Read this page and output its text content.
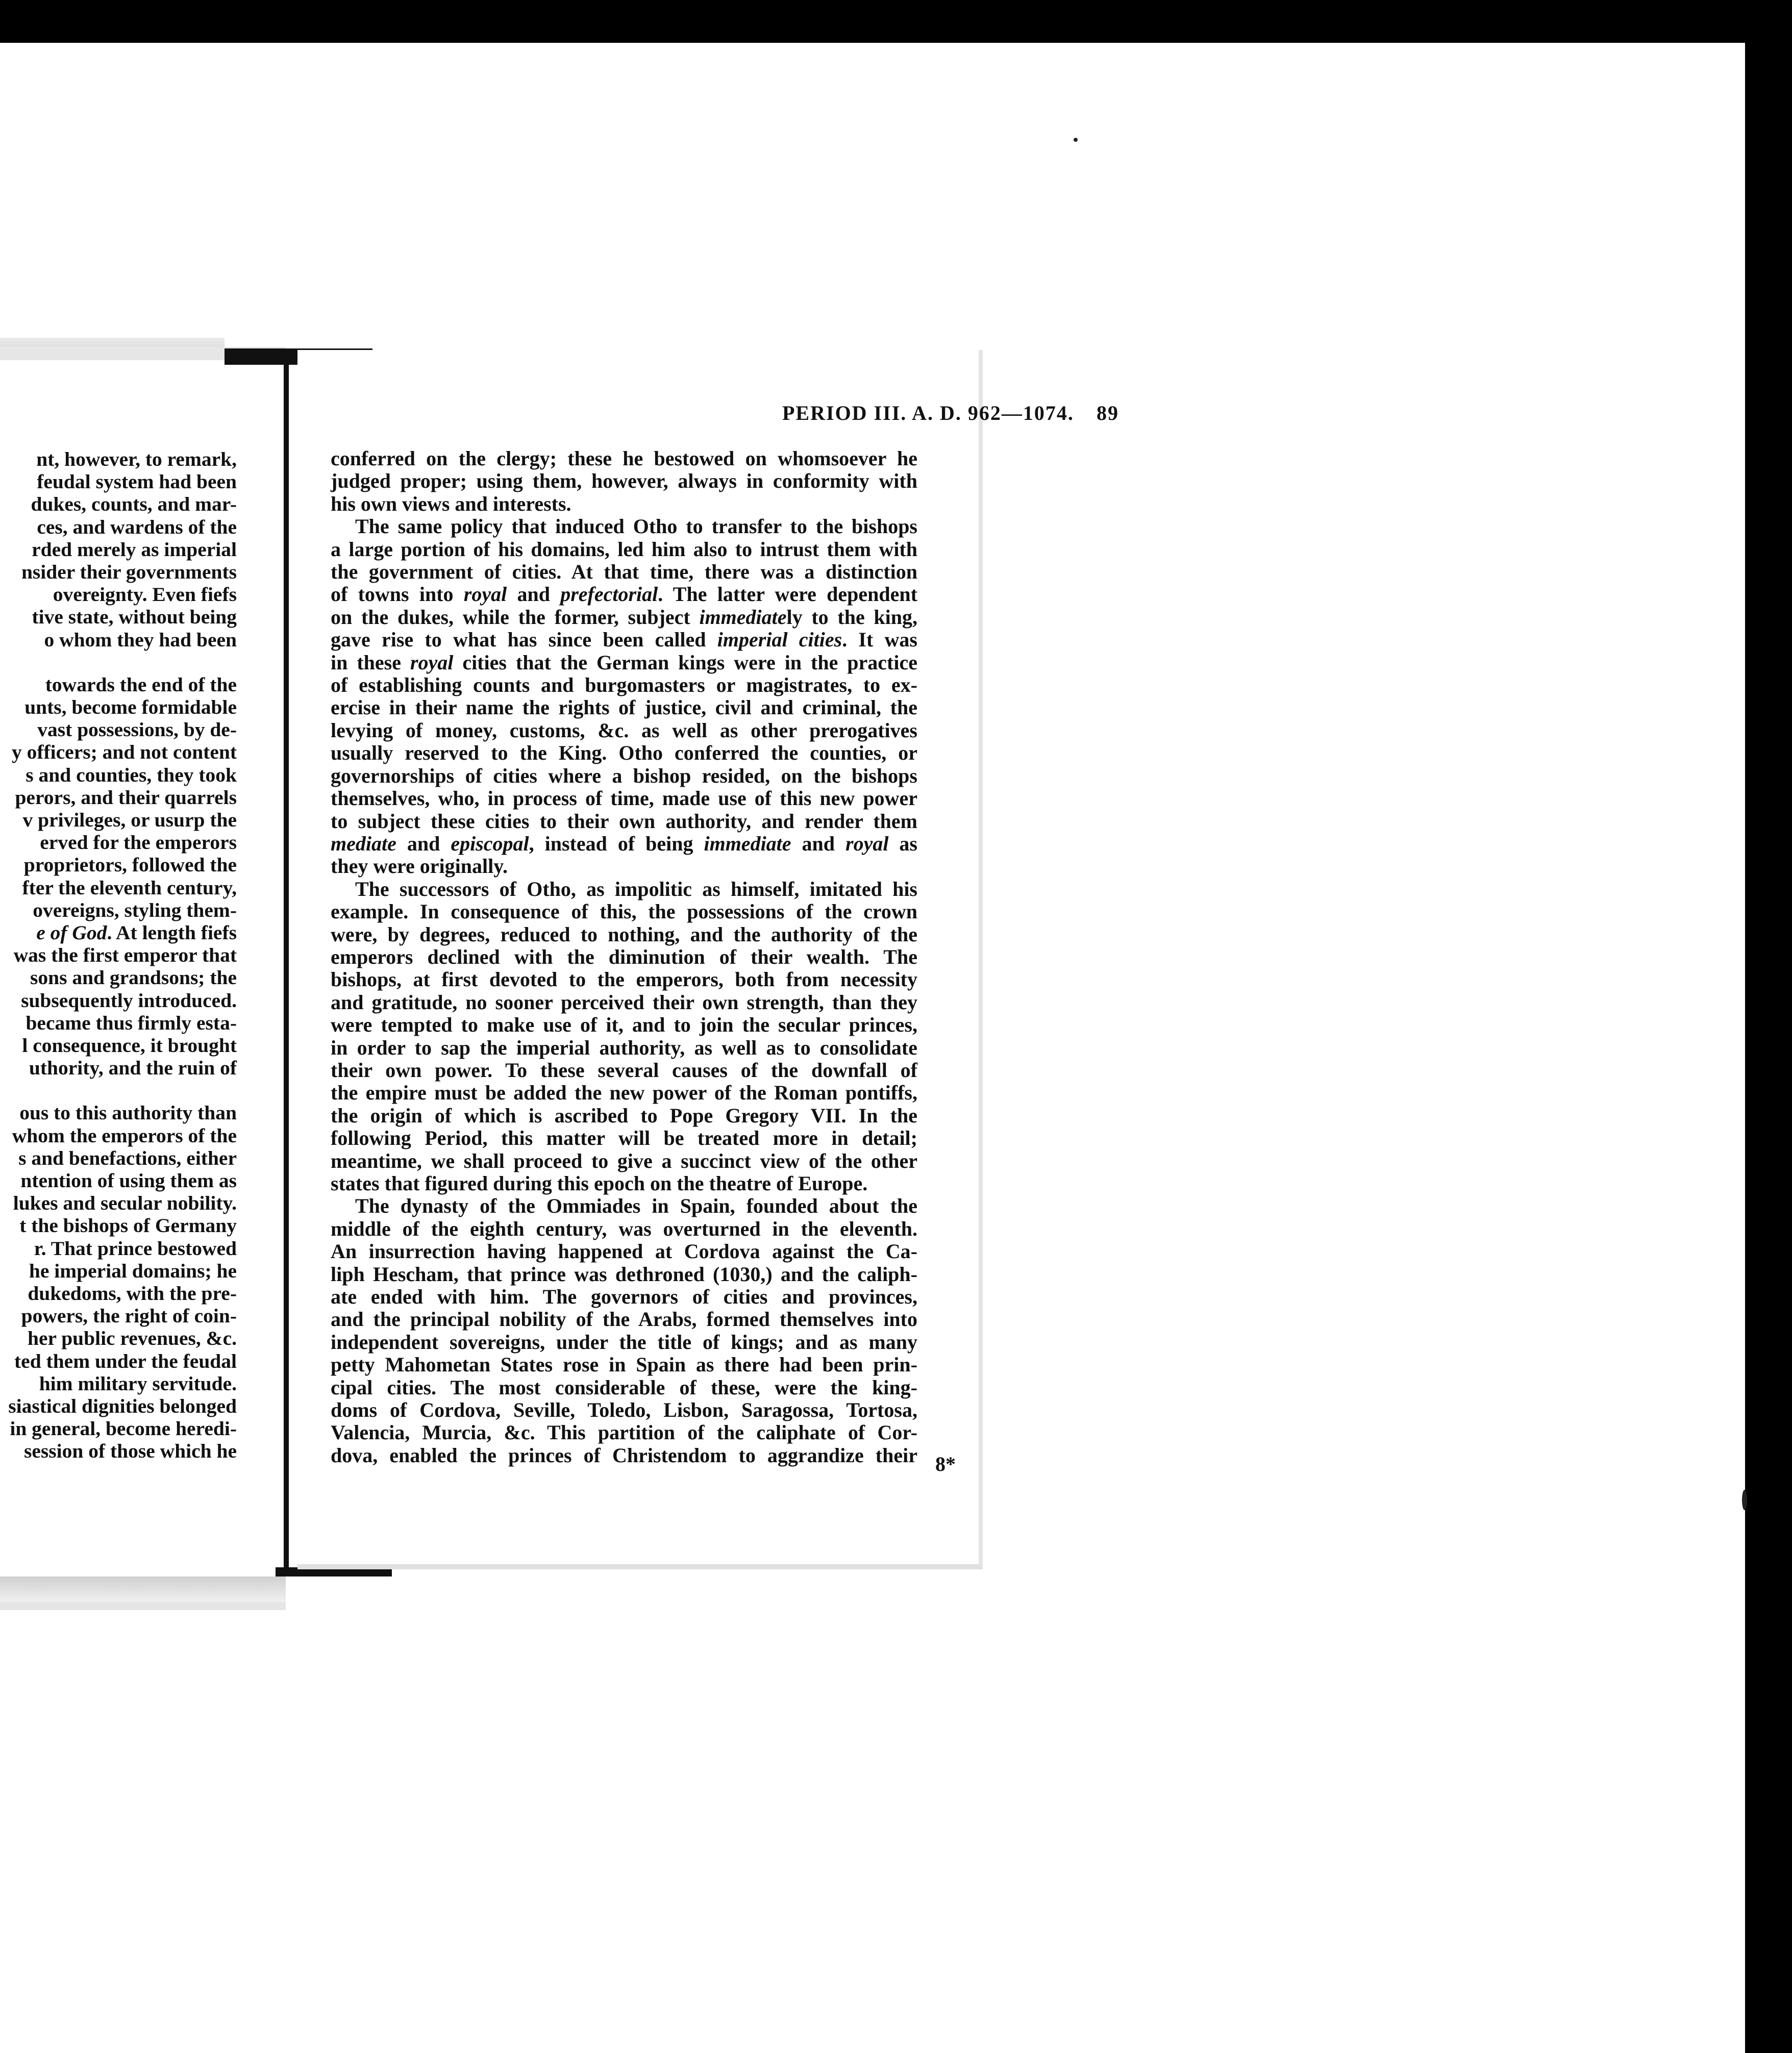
nt, however, to remark,
feudal system had been
dukes, counts, and mar-
ces, and wardens of the
rded merely as imperial
nsider their governments
overeignty. Even fiefs
tive state, without being
o whom they had been
towards the end of the
unts, become formidable
vast possessions, by de-
y officers; and not content
s and counties, they took
perors, and their quarrels
v privileges, or usurp the
erved for the emperors
proprietors, followed the
fter the eleventh century,
overeigns, styling them-
e of God. At length fiefs
was the first emperor that
sons and grandsons; the
subsequently introduced.
became thus firmly esta-
l consequence, it brought
uthority, and the ruin of
ous to this authority than
whom the emperors of the
s and benefactions, either
ntention of using them as
lukes and secular nobility.
t the bishops of Germany
r. That prince bestowed
he imperial domains; he
dukedoms, with the pre-
powers, the right of coin-
her public revenues, &c.
ted them under the feudal
him military servitude.
siastical dignities belonged
in general, become heredi-
session of those which he
PERIOD III. A. D. 962—1074. 89
conferred on the clergy; these he bestowed on whomsoever he
judged proper; using them, however, always in conformity with
his own views and interests.
The same policy that induced Otho to transfer to the bishops
a large portion of his domains, led him also to intrust them with
the government of cities. At that time, there was a distinction
of towns into royal and prefectorial. The latter were dependent
on the dukes, while the former, subject immediately to the king,
gave rise to what has since been called imperial cities. It was
in these royal cities that the German kings were in the practice
of establishing counts and burgomasters or magistrates, to ex-
ercise in their name the rights of justice, civil and criminal, the
levying of money, customs, &c. as well as other prerogatives
usually reserved to the King. Otho conferred the counties, or
governorships of cities where a bishop resided, on the bishops
themselves, who, in process of time, made use of this new power
to subject these cities to their own authority, and render them
mediate and episcopal, instead of being immediate and royal as
they were originally.
The successors of Otho, as impolitic as himself, imitated his
example. In consequence of this, the possessions of the crown
were, by degrees, reduced to nothing, and the authority of the
emperors declined with the diminution of their wealth. The
bishops, at first devoted to the emperors, both from necessity
and gratitude, no sooner perceived their own strength, than they
were tempted to make use of it, and to join the secular princes,
in order to sap the imperial authority, as well as to consolidate
their own power. To these several causes of the downfall of
the empire must be added the new power of the Roman pontiffs,
the origin of which is ascribed to Pope Gregory VII. In the
following Period, this matter will be treated more in detail;
meantime, we shall proceed to give a succinct view of the other
states that figured during this epoch on the theatre of Europe.
The dynasty of the Ommiades in Spain, founded about the
middle of the eighth century, was overturned in the eleventh.
An insurrection having happened at Cordova against the Ca-
liph Hescham, that prince was dethroned (1030,) and the caliph-
ate ended with him. The governors of cities and provinces,
and the principal nobility of the Arabs, formed themselves into
independent sovereigns, under the title of kings; and as many
petty Mahometan States rose in Spain as there had been prin-
cipal cities. The most considerable of these, were the king-
doms of Cordova, Seville, Toledo, Lisbon, Saragossa, Tortosa,
Valencia, Murcia, &c. This partition of the caliphate of Cor-
dova, enabled the princes of Christendom to aggrandize their 8*
